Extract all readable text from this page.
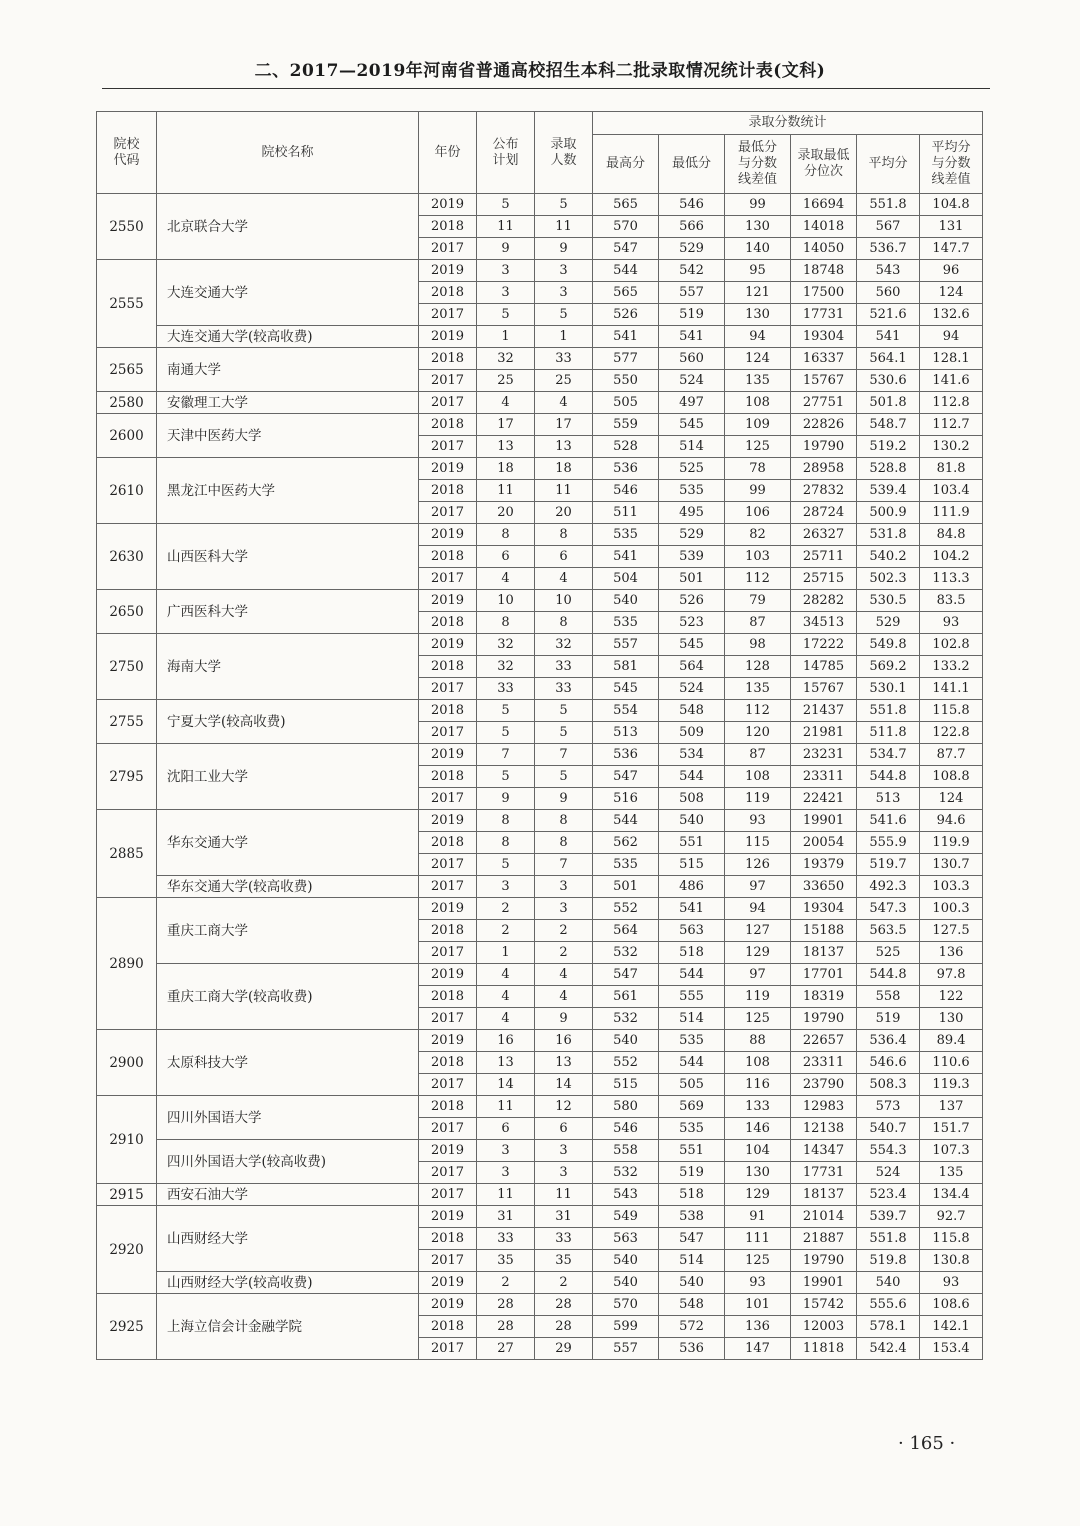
二、2017—2019年河南省普通高校招生本科二批录取情况统计表(文科)
院校代码	院校名称	年份	公布计划	录取人数	录取分数统计					
					最高分	最低分	最低分与分数线差值	录取最低分位次	平均分	平均分与分数线差值

2550	北京联合大学	2019	5	5	565	546	99	16694	551.8	104.8
		2018	11	11	570	566	130	14018	567	131
		2017	9	9	547	529	140	14050	536.7	147.7
2555	大连交通大学	2019	3	3	544	542	95	18748	543	96
		2018	3	3	565	557	121	17500	560	124
		2017	5	5	526	519	130	17731	521.6	132.6
	大连交通大学(较高收费)	2019	1	1	541	541	94	19304	541	94
2565	南通大学	2018	32	33	577	560	124	16337	564.1	128.1
		2017	25	25	550	524	135	15767	530.6	141.6
2580	安徽理工大学	2017	4	4	505	497	108	27751	501.8	112.8
2600	天津中医药大学	2018	17	17	559	545	109	22826	548.7	112.7
		2017	13	13	528	514	125	19790	519.2	130.2
2610	黑龙江中医药大学	2019	18	18	536	525	78	28958	528.8	81.8
		2018	11	11	546	535	99	27832	539.4	103.4
		2017	20	20	511	495	106	28724	500.9	111.9
2630	山西医科大学	2019	8	8	535	529	82	26327	531.8	84.8
		2018	6	6	541	539	103	25711	540.2	104.2
		2017	4	4	504	501	112	25715	502.3	113.3
2650	广西医科大学	2019	10	10	540	526	79	28282	530.5	83.5
		2018	8	8	535	523	87	34513	529	93
2750	海南大学	2019	32	32	557	545	98	17222	549.8	102.8
		2018	32	33	581	564	128	14785	569.2	133.2
		2017	33	33	545	524	135	15767	530.1	141.1
2755	宁夏大学(较高收费)	2018	5	5	554	548	112	21437	551.8	115.8
		2017	5	5	513	509	120	21981	511.8	122.8
2795	沈阳工业大学	2019	7	7	536	534	87	23231	534.7	87.7
		2018	5	5	547	544	108	23311	544.8	108.8
		2017	9	9	516	508	119	22421	513	124
2885	华东交通大学	2019	8	8	544	540	93	19901	541.6	94.6
		2018	8	8	562	551	115	20054	555.9	119.9
		2017	5	7	535	515	126	19379	519.7	130.7
	华东交通大学(较高收费)	2017	3	3	501	486	97	33650	492.3	103.3
2890	重庆工商大学	2019	2	3	552	541	94	19304	547.3	100.3
		2018	2	2	564	563	127	15188	563.5	127.5
		2017	1	2	532	518	129	18137	525	136
	重庆工商大学(较高收费)	2019	4	4	547	544	97	17701	544.8	97.8
		2018	4	4	561	555	119	18319	558	122
		2017	4	9	532	514	125	19790	519	130
2900	太原科技大学	2019	16	16	540	535	88	22657	536.4	89.4
		2018	13	13	552	544	108	23311	546.6	110.6
		2017	14	14	515	505	116	23790	508.3	119.3
2910	四川外国语大学	2018	11	12	580	569	133	12983	573	137
		2017	6	6	546	535	146	12138	540.7	151.7
	四川外国语大学(较高收费)	2019	3	3	558	551	104	14347	554.3	107.3
		2017	3	3	532	519	130	17731	524	135
2915	西安石油大学	2017	11	11	543	518	129	18137	523.4	134.4
2920	山西财经大学	2019	31	31	549	538	91	21014	539.7	92.7
		2018	33	33	563	547	111	21887	551.8	115.8
		2017	35	35	540	514	125	19790	519.8	130.8
	山西财经大学(较高收费)	2019	2	2	540	540	93	19901	540	93
2925	上海立信会计金融学院	2019	28	28	570	548	101	15742	555.6	108.6
		2018	28	28	599	572	136	12003	578.1	142.1
		2017	27	29	557	536	147	11818	542.4	153.4
· 165 ·
